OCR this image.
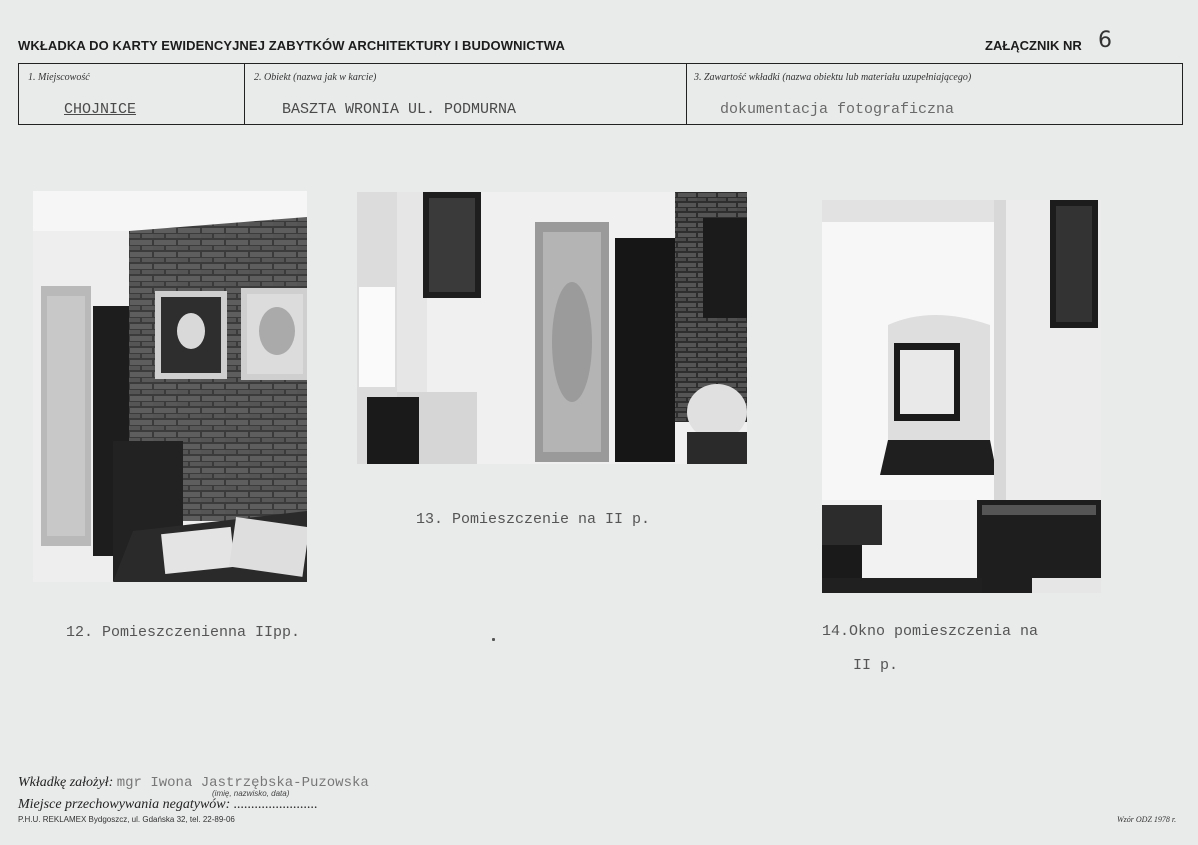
WKŁADKA DO KARTY EWIDENCYJNEJ ZABYTKÓW ARCHITEKTURY I BUDOWNICTWA	ZAŁĄCZNIK NR 6
1. Miejscowość	2. Obiekt (nazwa jak w karcie)	3. Zawartość wkładki (nazwa obiektu lub materiału uzupełniającego)
CHOJNICE	BASZTA WRONIA UL. PODMURNA	dokumentacja fotograficzna
12. Pomieszczenienna IIpp.
13. Pomieszczenie na II p.
14.Okno pomieszczenia na
II p.
Wkładkę założył: mgr Iwona Jastrzębska-Puzowska
(imię, nazwisko, data)
Miejsce przechowywania negatywów: ........................
P.H.U. REKLAMEX Bydgoszcz, ul. Gdańska 32, tel. 22-89-06	Wzór ODZ 1978 r.
